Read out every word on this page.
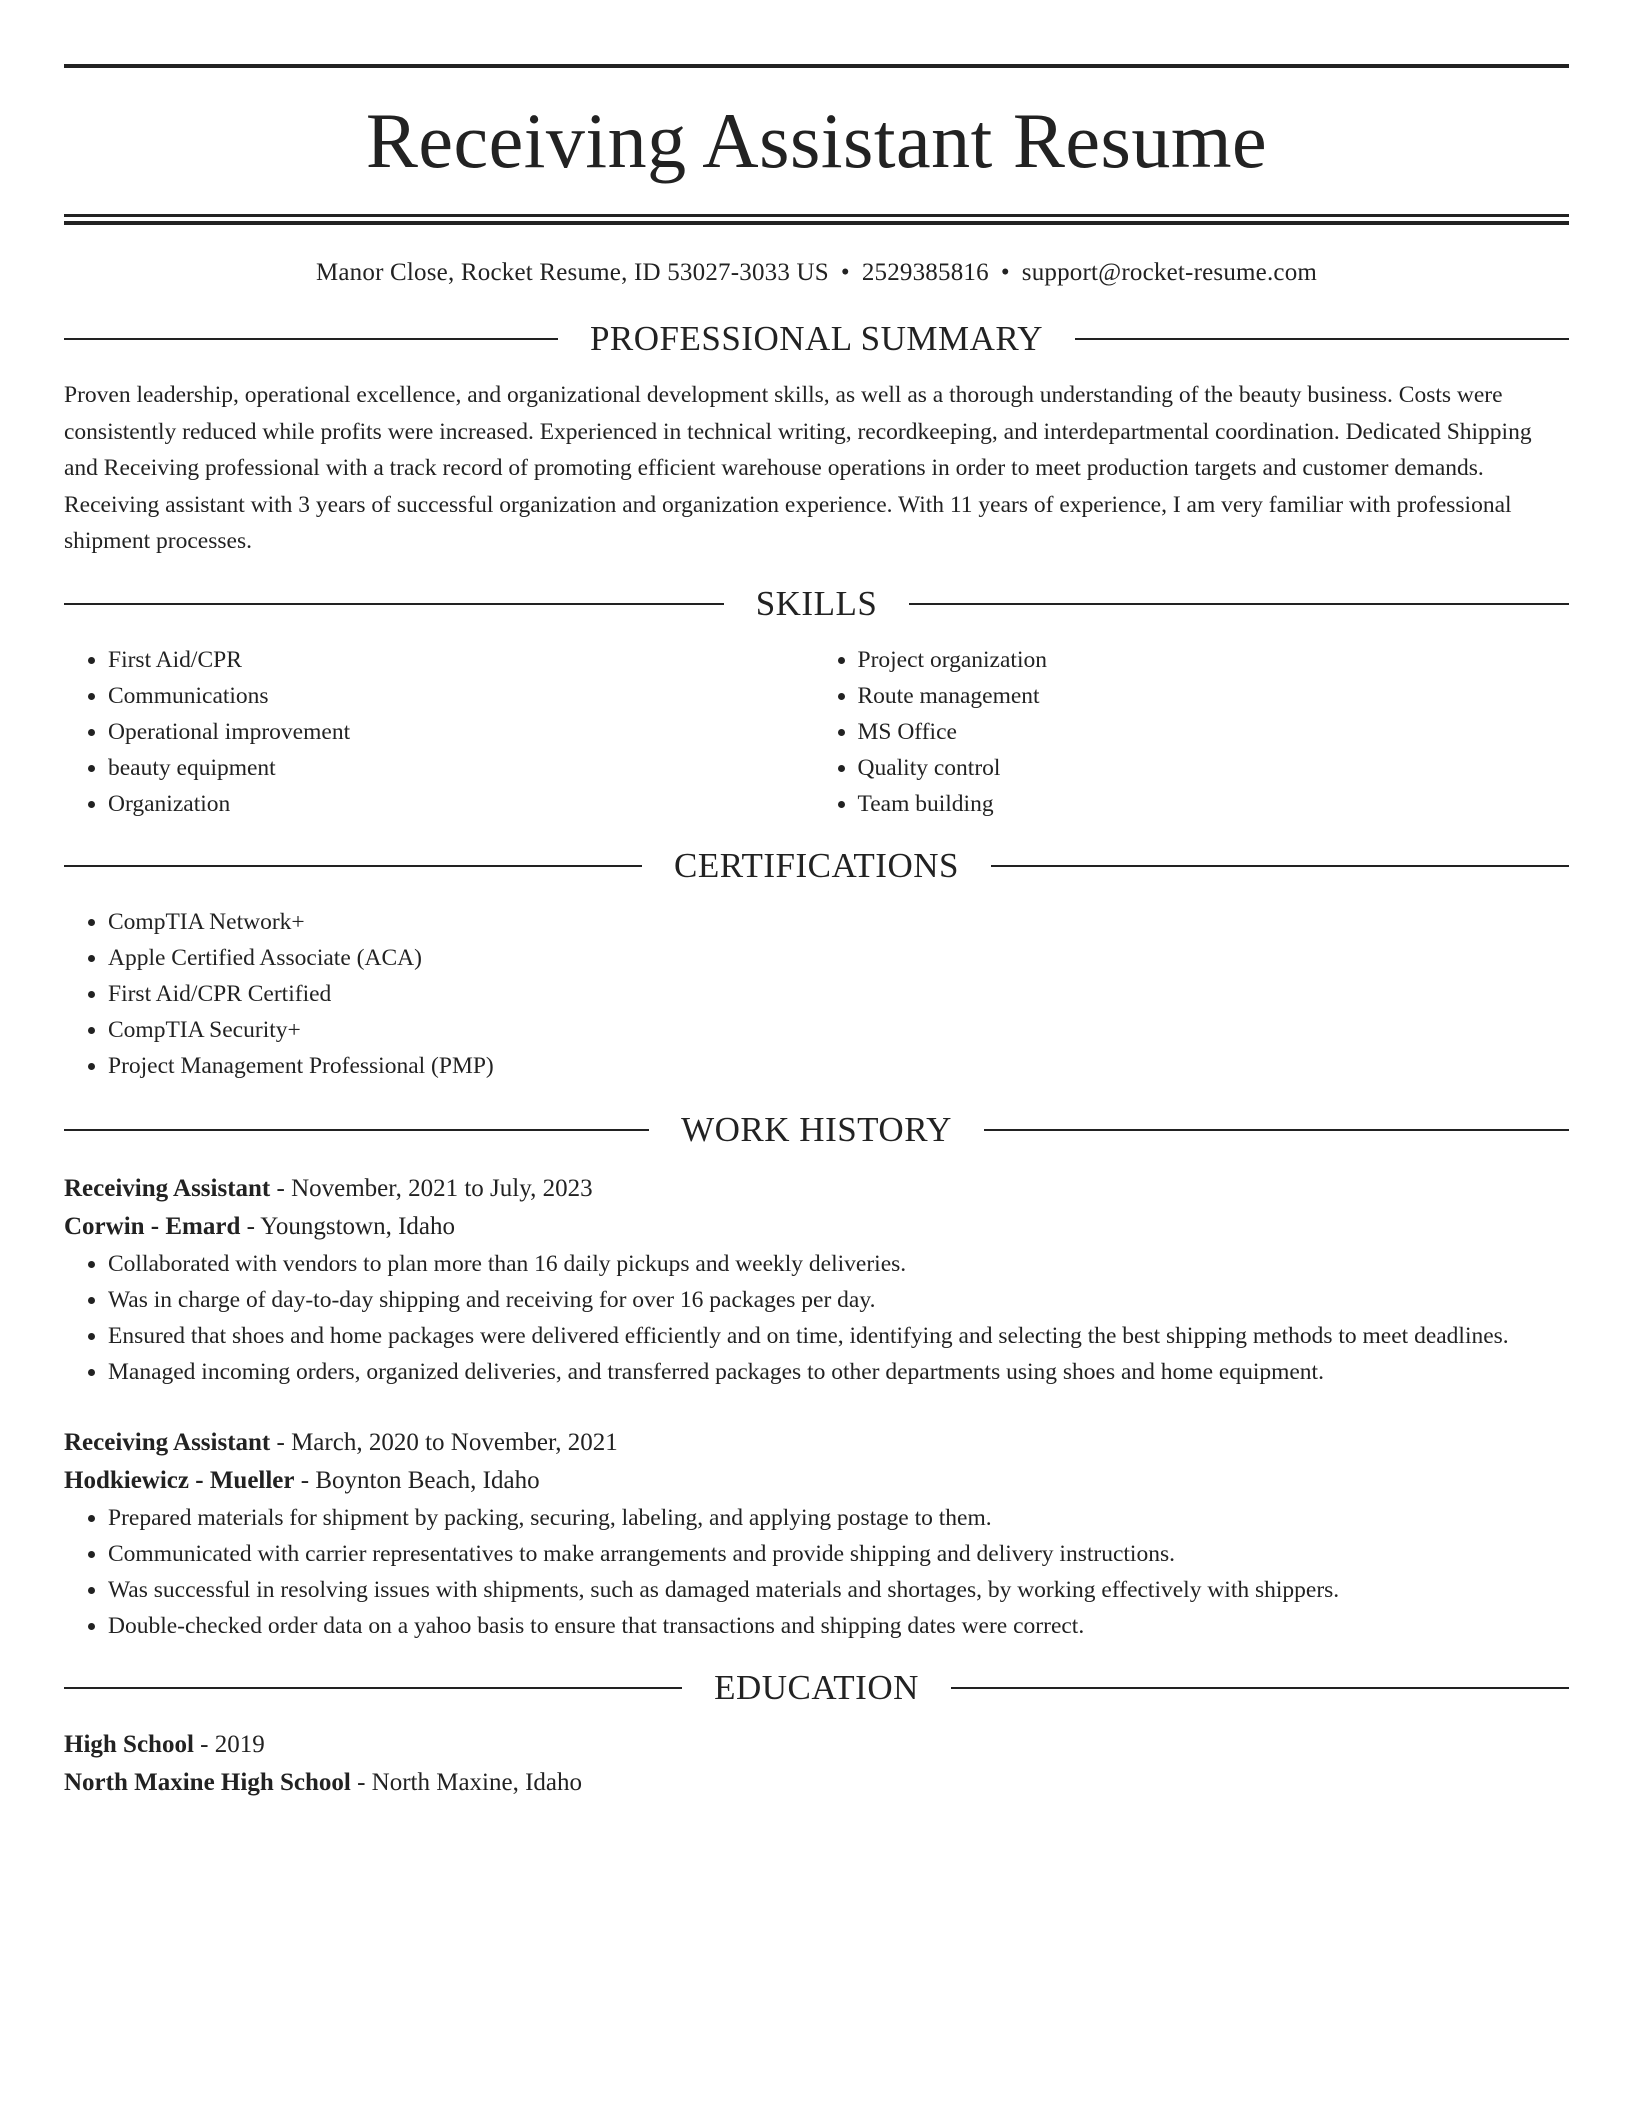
Receiving Assistant Resume
Manor Close, Rocket Resume, ID 53027-3033 US • 2529385816 • support@rocket-resume.com
PROFESSIONAL SUMMARY
Proven leadership, operational excellence, and organizational development skills, as well as a thorough understanding of the beauty business. Costs were consistently reduced while profits were increased. Experienced in technical writing, recordkeeping, and interdepartmental coordination. Dedicated Shipping and Receiving professional with a track record of promoting efficient warehouse operations in order to meet production targets and customer demands. Receiving assistant with 3 years of successful organization and organization experience. With 11 years of experience, I am very familiar with professional shipment processes.
SKILLS
• First Aid/CPR
• Communications
• Operational improvement
• beauty equipment
• Organization
• Project organization
• Route management
• MS Office
• Quality control
• Team building
CERTIFICATIONS
• CompTIA Network+
• Apple Certified Associate (ACA)
• First Aid/CPR Certified
• CompTIA Security+
• Project Management Professional (PMP)
WORK HISTORY
Receiving Assistant - November, 2021 to July, 2023
Corwin - Emard - Youngstown, Idaho
• Collaborated with vendors to plan more than 16 daily pickups and weekly deliveries.
• Was in charge of day-to-day shipping and receiving for over 16 packages per day.
• Ensured that shoes and home packages were delivered efficiently and on time, identifying and selecting the best shipping methods to meet deadlines.
• Managed incoming orders, organized deliveries, and transferred packages to other departments using shoes and home equipment.
Receiving Assistant - March, 2020 to November, 2021
Hodkiewicz - Mueller - Boynton Beach, Idaho
• Prepared materials for shipment by packing, securing, labeling, and applying postage to them.
• Communicated with carrier representatives to make arrangements and provide shipping and delivery instructions.
• Was successful in resolving issues with shipments, such as damaged materials and shortages, by working effectively with shippers.
• Double-checked order data on a yahoo basis to ensure that transactions and shipping dates were correct.
EDUCATION
High School - 2019
North Maxine High School - North Maxine, Idaho
